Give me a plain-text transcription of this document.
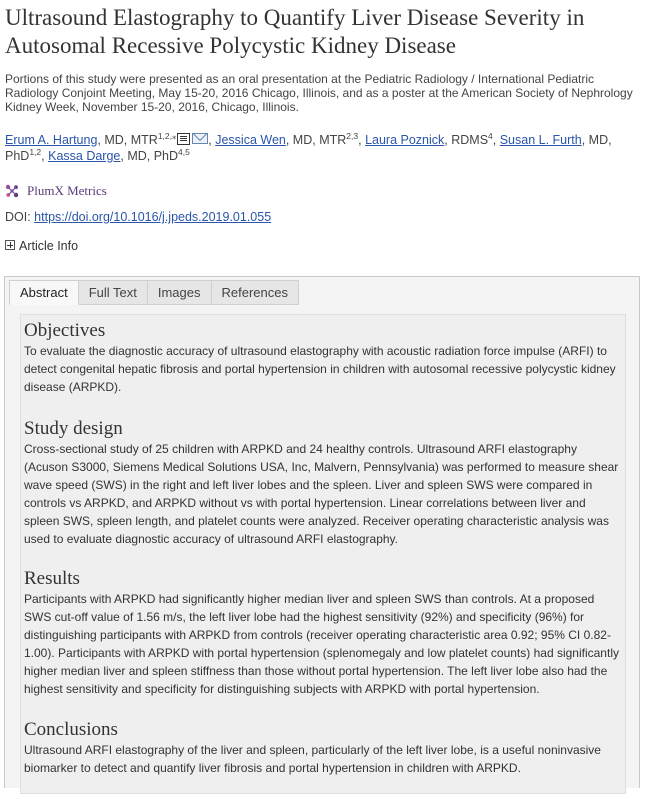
Ultrasound Elastography to Quantify Liver Disease Severity in Autosomal Recessive Polycystic Kidney Disease

Portions of this study were presented as an oral presentation at the Pediatric Radiology / International Pediatric Radiology Conjoint Meeting, May 15-20, 2016 Chicago, Illinois, and as a poster at the American Society of Nephrology Kidney Week, November 15-20, 2016, Chicago, Illinois.

Erum A. Hartung, MD, $MTR^{1,2,⁎}$	, Jessica Wen, MD, MTR$^{2,3}$, Laura Poznick, RDMS$^4$, Susan L. Furth, MD, PhD$^{1,2}$, Kassa Darge, MD, PhD$^{4,5}$
PlumX Metrics
DOI: https://doi.org/10.1016/j.jpeds.2019.01.055
Article Info
Abstract	Full Text	Images	References
Objectives

To evaluate the diagnostic accuracy of ultrasound elastography with acoustic radiation force impulse (ARFI) to detect congenital hepatic fibrosis and portal hypertension in children with autosomal recessive polycystic kidney disease (ARPKD).

Study design

Cross-sectional study of 25 children with ARPKD and 24 healthy controls. Ultrasound ARFI elastography (Acuson S3000, Siemens Medical Solutions USA, Inc, Malvern, Pennsylvania) was performed to measure shear wave speed (SWS) in the right and left liver lobes and the spleen. Liver and spleen SWS were compared in controls vs ARPKD, and ARPKD without vs with portal hypertension. Linear correlations between liver and spleen SWS, spleen length, and platelet counts were analyzed. Receiver operating characteristic analysis was used to evaluate diagnostic accuracy of ultrasound ARFI elastography.

Results

Participants with ARPKD had significantly higher median liver and spleen SWS than controls. At a proposed SWS cut-off value of 1.56 m/s, the left liver lobe had the highest sensitivity (92%) and specificity (96%) for distinguishing participants with ARPKD from controls (receiver operating characteristic area 0.92; 95% CI 0.82-1.00). Participants with ARPKD with portal hypertension (splenomegaly and low platelet counts) had significantly higher median liver and spleen stiffness than those without portal hypertension. The left liver lobe also had the highest sensitivity and specificity for distinguishing subjects with ARPKD with portal hypertension.

Conclusions

Ultrasound ARFI elastography of the liver and spleen, particularly of the left liver lobe, is a useful noninvasive biomarker to detect and quantify liver fibrosis and portal hypertension in children with ARPKD.
